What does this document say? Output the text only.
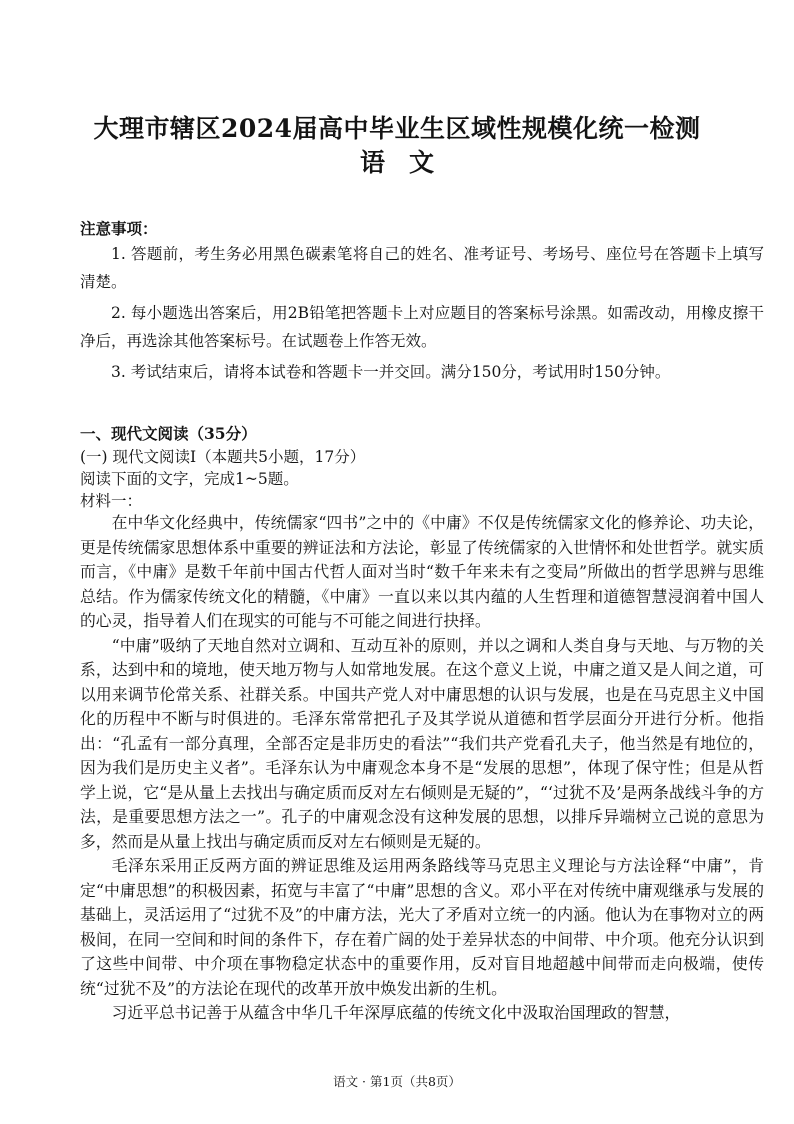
大理市辖区2024届高中毕业生区域性规模化统一检测
语文
注意事项：

1. 答题前，考生务必用黑色碳素笔将自己的姓名、准考证号、考场号、座位号在答题卡上填写清楚。

2. 每小题选出答案后，用2B铅笔把答题卡上对应题目的答案标号涂黑。如需改动，用橡皮擦干净后，再选涂其他答案标号。在试题卷上作答无效。

3. 考试结束后，请将本试卷和答题卡一并交回。满分150分，考试用时150分钟。

一、现代文阅读（35分）
(一) 现代文阅读Ⅰ（本题共5小题，17分）
阅读下面的文字，完成1~5题。
材料一：

在中华文化经典中，传统儒家“四书”之中的《中庸》不仅是传统儒家文化的修养论、功夫论，更是传统儒家思想体系中重要的辨证法和方法论，彰显了传统儒家的入世情怀和处世哲学。就实质而言，《中庸》是数千年前中国古代哲人面对当时“数千年来未有之变局”所做出的哲学思辨与思维总结。作为儒家传统文化的精髓，《中庸》一直以来以其内蕴的人生哲理和道德智慧浸润着中国人的心灵，指导着人们在现实的可能与不可能之间进行抉择。

“中庸”吸纳了天地自然对立调和、互动互补的原则，并以之调和人类自身与天地、与万物的关系，达到中和的境地，使天地万物与人如常地发展。在这个意义上说，中庸之道又是人间之道，可以用来调节伦常关系、社群关系。中国共产党人对中庸思想的认识与发展，也是在马克思主义中国化的历程中不断与时俱进的。毛泽东常常把孔子及其学说从道德和哲学层面分开进行分析。他指出：“孔孟有一部分真理，全部否定是非历史的看法”“我们共产党看孔夫子，他当然是有地位的，因为我们是历史主义者”。毛泽东认为中庸观念本身不是“发展的思想”，体现了保守性；但是从哲学上说，它“是从量上去找出与确定质而反对左右倾则是无疑的”，“‘过犹不及’是两条战线斗争的方法，是重要思想方法之一”。孔子的中庸观念没有这种发展的思想，以排斥异端树立己说的意思为多，然而是从量上找出与确定质而反对左右倾则是无疑的。

毛泽东采用正反两方面的辨证思维及运用两条路线等马克思主义理论与方法诠释“中庸”，肯定“中庸思想”的积极因素，拓宽与丰富了“中庸”思想的含义。邓小平在对传统中庸观继承与发展的基础上，灵活运用了“过犹不及”的中庸方法，光大了矛盾对立统一的内涵。他认为在事物对立的两极间，在同一空间和时间的条件下，存在着广阔的处于差异状态的中间带、中介项。他充分认识到了这些中间带、中介项在事物稳定状态中的重要作用，反对盲目地超越中间带而走向极端，使传统“过犹不及”的方法论在现代的改革开放中焕发出新的生机。

习近平总书记善于从蕴含中华几千年深厚底蕴的传统文化中汲取治国理政的智慧，

语文 · 第1页（共8页）
